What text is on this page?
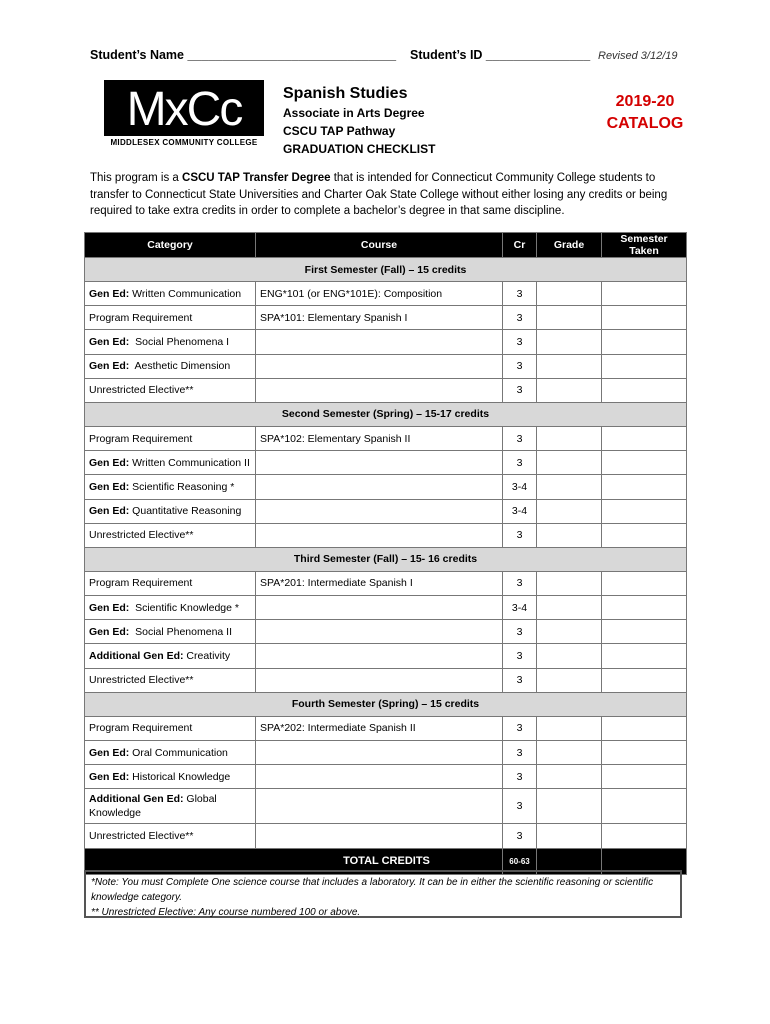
Student’s Name ______________________________ Student’s ID _______________ Revised 3/12/19
MxCc
MIDDLESEX COMMUNITY COLLEGE
Spanish Studies
Associate in Arts Degree
CSCU TAP Pathway
GRADUATION CHECKLIST
2019-20
CATALOG
This program is a CSCU TAP Transfer Degree that is intended for Connecticut Community College students to transfer to Connecticut State Universities and Charter Oak State College without either losing any credits or being required to take extra credits in order to complete a bachelor’s degree in that same discipline.
Category	Course	Cr	Grade	Semester Taken
First Semester (Fall) – 15 credits				
Gen Ed: Written Communication	ENG*101 (or ENG*101E): Composition	3		
Program Requirement	SPA*101: Elementary Spanish I	3		
Gen Ed:  Social Phenomena I		3		
Gen Ed:  Aesthetic Dimension		3		
Unrestricted Elective**		3		
Second Semester (Spring) – 15-17 credits				
Program Requirement	SPA*102: Elementary Spanish II	3		
Gen Ed: Written Communication II		3		
Gen Ed: Scientific Reasoning *		3-4		
Gen Ed: Quantitative Reasoning		3-4		
Unrestricted Elective**		3		
Third Semester (Fall) – 15- 16 credits				
Program Requirement	SPA*201: Intermediate Spanish I	3		
Gen Ed:  Scientific Knowledge *		3-4		
Gen Ed:  Social Phenomena II		3		
Additional Gen Ed: Creativity		3		
Unrestricted Elective**		3		
Fourth Semester (Spring) – 15 credits				
Program Requirement	SPA*202: Intermediate Spanish II	3		
Gen Ed: Oral Communication		3		
Gen Ed: Historical Knowledge		3		
Additional Gen Ed: Global Knowledge		3		
Unrestricted Elective**		3		
TOTAL CREDITS		60-63		
*Note: You must Complete One science course that includes a laboratory. It can be in either the scientific reasoning or scientific knowledge category.
** Unrestricted Elective: Any course numbered 100 or above.
